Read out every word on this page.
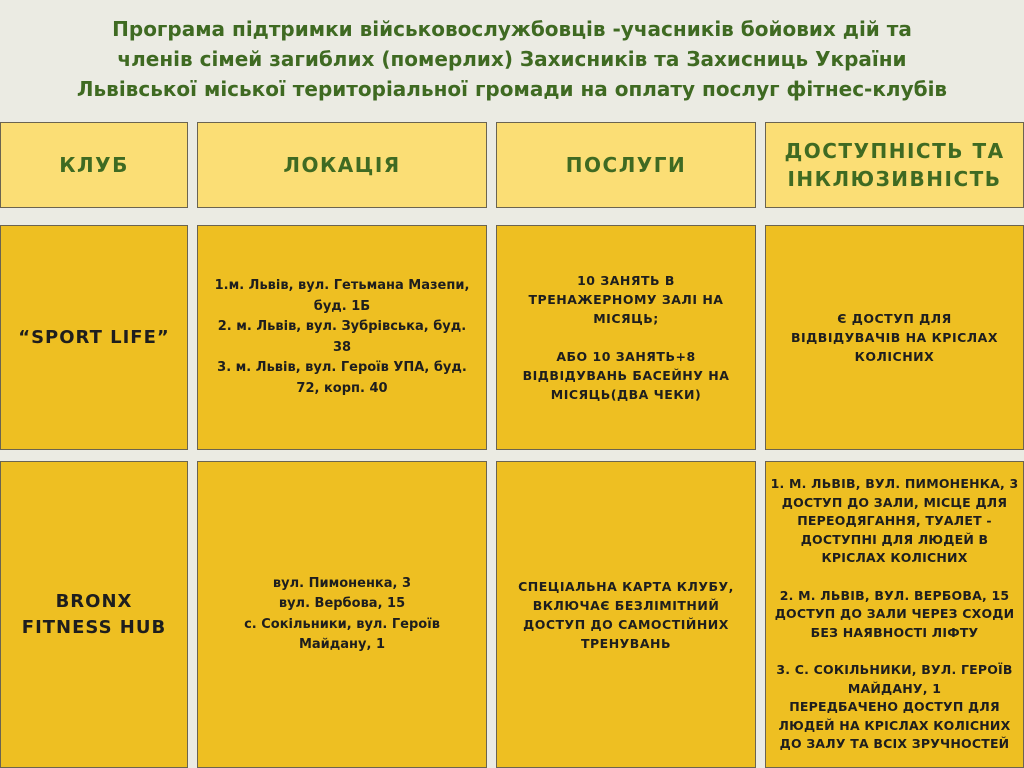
Програма підтримки військовослужбовців -учасників бойових дій та
членів сімей загиблих (померлих) Захисників та Захисниць України
Львівської міської територіальної громади на оплату послуг фітнес-клубів
КЛУБ	ЛОКАЦІЯ	ПОСЛУГИ
ДОСТУПНІСТЬ ТА
ІНКЛЮЗИВНІСТЬ
“SPORT LIFE”
1.м. Львів, вул. Гетьмана Мазепи,
буд. 1Б
2. м. Львів, вул. Зубрівська, буд.
38
3. м. Львів, вул. Героїв УПА, буд.
72, корп. 40
10 ЗАНЯТЬ В
ТРЕНАЖЕРНОМУ ЗАЛІ НА
МІСЯЦЬ;
АБО 10 ЗАНЯТЬ+8
ВІДВІДУВАНЬ БАСЕЙНУ НА
МІСЯЦЬ(ДВА ЧЕКИ)
Є ДОСТУП ДЛЯ
ВІДВІДУВАЧІВ НА КРІСЛАХ
КОЛІСНИХ
BRONX
FITNESS HUB
вул. Пимоненка, 3
вул. Вербова, 15
с. Сокільники, вул. Героїв
Майдану, 1
СПЕЦІАЛЬНА КАРТА КЛУБУ,
ВКЛЮЧАЄ БЕЗЛІМІТНИЙ
ДОСТУП ДО САМОСТІЙНИХ
ТРЕНУВАНЬ
1. М. ЛЬВІВ, ВУЛ. ПИМОНЕНКА, 3
ДОСТУП ДО ЗАЛИ, МІСЦЕ ДЛЯ
ПЕРЕОДЯГАННЯ, ТУАЛЕТ -
ДОСТУПНІ ДЛЯ ЛЮДЕЙ В
КРІСЛАХ КОЛІСНИХ
2. М. ЛЬВІВ, ВУЛ. ВЕРБОВА, 15
ДОСТУП ДО ЗАЛИ ЧЕРЕЗ СХОДИ
БЕЗ НАЯВНОСТІ ЛІФТУ
3. С. СОКІЛЬНИКИ, ВУЛ. ГЕРОЇВ
МАЙДАНУ, 1
ПЕРЕДБАЧЕНО ДОСТУП ДЛЯ
ЛЮДЕЙ НА КРІСЛАХ КОЛІСНИХ
ДО ЗАЛУ ТА ВСІХ ЗРУЧНОСТЕЙ
